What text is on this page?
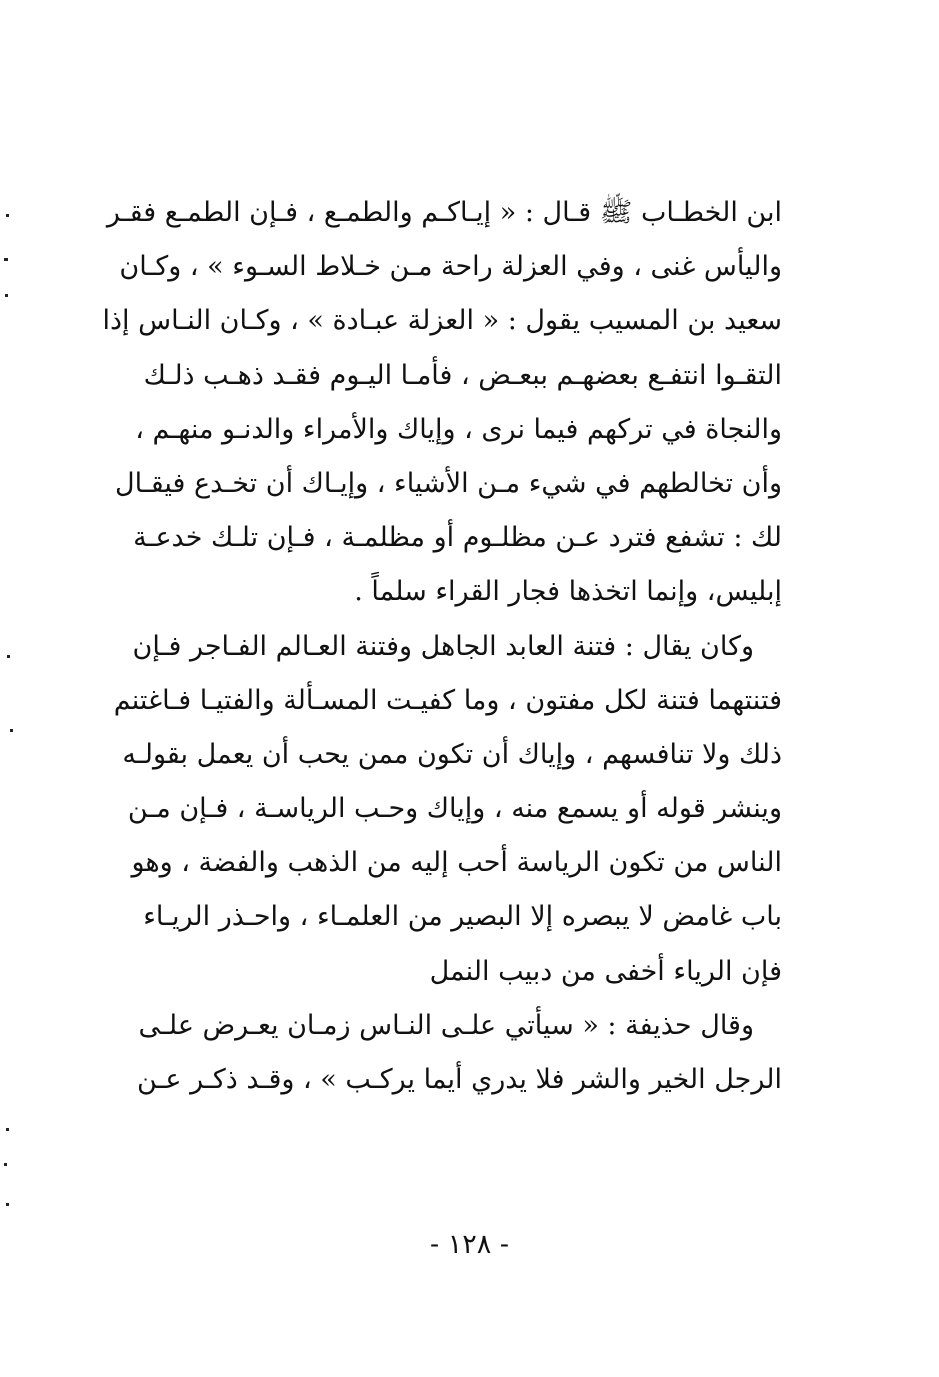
ابن الخطـاب ﷺ قـال : « إيـاكـم والطمـع ، فـإن الطمـع فقـر
واليأس غنى ، وفي العزلة راحة مـن خـلاط السـوء » ، وكـان
سعيد بن المسيب يقول : « العزلة عبـادة » ، وكـان النـاس إذا
التقـوا انتفـع بعضهـم ببعـض ، فأمـا اليـوم فقـد ذهـب ذلـك
والنجاة في تركهم فيما نرى ، وإياك والأمراء والدنـو منهـم ،
وأن تخالطهم في شيء مـن الأشياء ، وإيـاك أن تخـدع فيقـال
لك : تشفع فترد عـن مظلـوم أو مظلمـة ، فـإن تلـك خدعـة
إبليس، وإنما اتخذها فجار القراء سلماً .
وكان يقال : فتنة العابد الجاهل وفتنة العـالم الفـاجر فـإن
فتنتهما فتنة لكل مفتون ، وما كفيـت المسـألة والفتيـا فـاغتنم
ذلك ولا تنافسهم ، وإياك أن تكون ممن يحب أن يعمل بقولـه
وينشر قوله أو يسمع منه ، وإياك وحـب الرياسـة ، فـإن مـن
الناس من تكون الرياسة أحب إليه من الذهب والفضة ، وهو
باب غامض لا يبصره إلا البصير من العلمـاء ، واحـذر الريـاء
فإن الرياء أخفى من دبيب النمل
وقال حذيفة : « سيأتي علـى النـاس زمـان يعـرض علـى
الرجل الخير والشر فلا يدري أيما يركـب » ، وقـد ذكـر عـن
- ١٢٨ -
